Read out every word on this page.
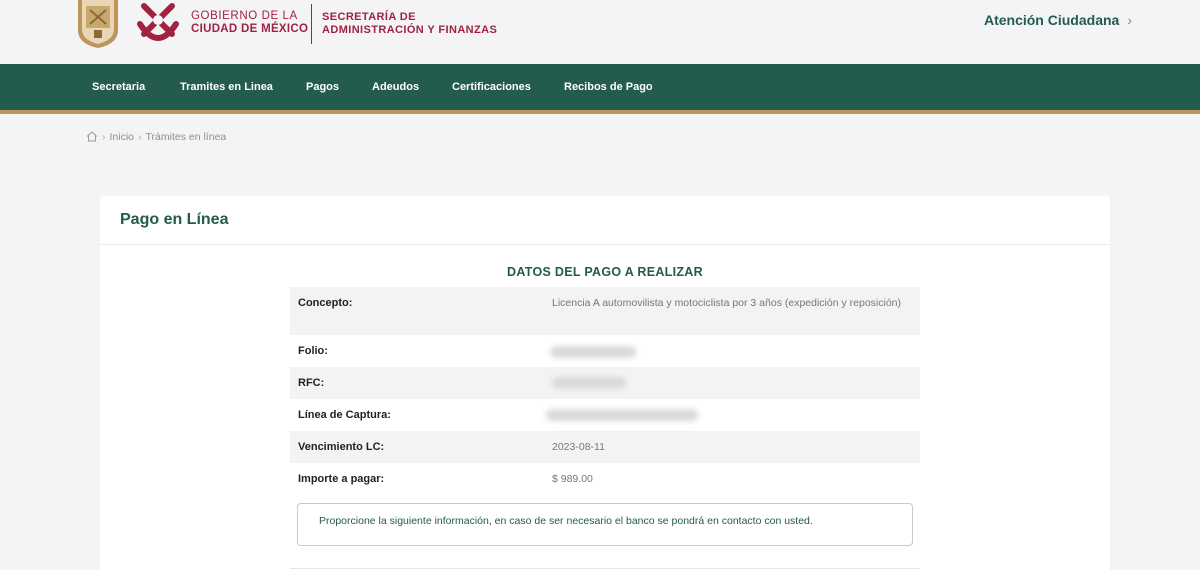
GOBIERNO DE LA
CIUDAD DE MÉXICO
SECRETARÍA DE
ADMINISTRACIÓN Y FINANZAS
Atención Ciudadana ›
Secretaria	Tramites en Linea	Pagos	Adeudos	Certificaciones	Recibos de Pago
› Inicio › Trámites en línea
Pago en Línea
DATOS DEL PAGO A REALIZAR
Concepto:	Licencia A automovilista y motociclista por 3 años (expedición y reposición)
Folio:
RFC:
Línea de Captura:
Vencimiento LC:	2023-08-11
Importe a pagar:	$ 989.00
Proporcione la siguiente información, en caso de ser necesario el banco se pondrá en contacto con usted.
